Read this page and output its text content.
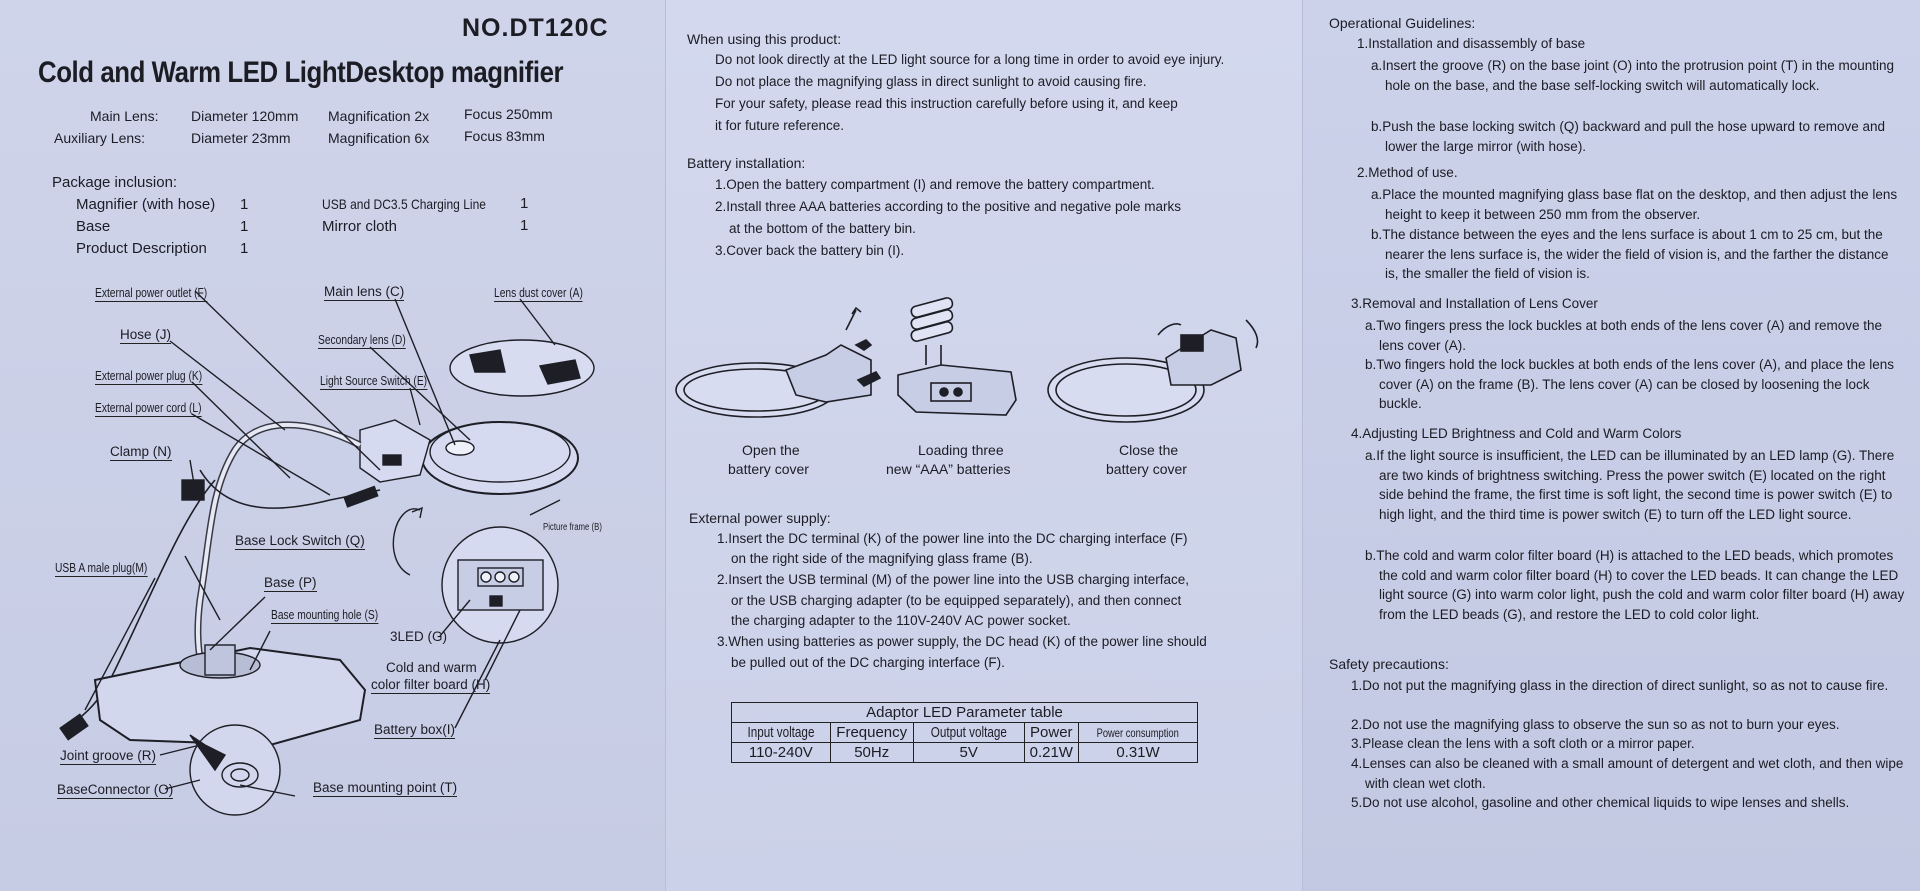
NO.DT120C
Cold and Warm LED LightDesktop magnifier
Main Lens: Diameter 120mm Magnification 2x Focus 250mm
Auxiliary Lens:	Diameter 23mm	Magnification 6x Focus 83mm
Package inclusion:
Magnifier (with hose) 1
Base	1
Product Description 1
USB and DC3.5 Charging Line 1
Mirror cloth	1
External power outlet (F)	Main lens (C)	Lens dust cover (A)
Hose (J)	Secondary lens (D)
External power plug (K)	Light Source Switch (E)
External power cord (L)
Clamp (N)
Picture frame (B)
Base Lock Switch (Q)
USB A male plug(M)
Base (P)
Base mounting hole (S)
3LED (G)
Cold and warm
color filter board (H)
Battery box(I)
Joint groove (R)
BaseConnector (O)	Base mounting point (T)
When using this product:
Do not look directly at the LED light source for a long time in order to avoid eye injury.
Do not place the magnifying glass in direct sunlight to avoid causing fire.
For your safety, please read this instruction carefully before using it, and keep
it for future reference.
Battery installation:
1.Open the battery compartment (I) and remove the battery compartment.
2.Install three AAA batteries according to the positive and negative pole marks
at the bottom of the battery bin.
3.Cover back the battery bin (I).
Open the
battery cover
Loading three
new “AAA” batteries
Close the
battery cover
External power supply:
1.Insert the DC terminal (K) of the power line into the DC charging interface (F)
on the right side of the magnifying glass frame (B).
2.Insert the USB terminal (M) of the power line into the USB charging interface,
or the USB charging adapter (to be equipped separately), and then connect
the charging adapter to the 110V-240V AC power socket.
3.When using batteries as power supply, the DC head (K) of the power line should
be pulled out of the DC charging interface (F).
Adaptor LED Parameter table				
Input voltage	Frequency	Output voltage	Power	Power consumption
110-240V	50Hz	5V	0.21W	0.31W
Operational Guidelines:
1.Installation and disassembly of base
a.Insert the groove (R) on the base joint (O) into the protrusion point (T) in the mounting hole on the base, and the base self-locking switch will automatically lock.
b.Push the base locking switch (Q) backward and pull the hose upward to remove and lower the large mirror (with hose).
2.Method of use.
a.Place the mounted magnifying glass base flat on the desktop, and then adjust the lens height to keep it between 250 mm from the observer.
b.The distance between the eyes and the lens surface is about 1 cm to 25 cm, but the nearer the lens surface is, the wider the field of vision is, and the farther the distance is, the smaller the field of vision is.
3.Removal and Installation of Lens Cover
a.Two fingers press the lock buckles at both ends of the lens cover (A) and remove the lens cover (A).
b.Two fingers hold the lock buckles at both ends of the lens cover (A), and place the lens cover (A) on the frame (B). The lens cover (A) can be closed by loosening the lock buckle.
4.Adjusting LED Brightness and Cold and Warm Colors
a.If the light source is insufficient, the LED can be illuminated by an LED lamp (G). There are two kinds of brightness switching. Press the power switch (E) located on the right side behind the frame, the first time is soft light, the second time is power switch (E) to high light, and the third time is power switch (E) to turn off the LED light source.
b.The cold and warm color filter board (H) is attached to the LED beads, which promotes the cold and warm color filter board (H) to cover the LED beads. It can change the LED light source (G) into warm color light, push the cold and warm color filter board (H) away from the LED beads (G), and restore the LED to cold color light.
Safety precautions:
1.Do not put the magnifying glass in the direction of direct sunlight, so as not to cause fire.
2.Do not use the magnifying glass to observe the sun so as not to burn your eyes.
3.Please clean the lens with a soft cloth or a mirror paper.
4.Lenses can also be cleaned with a small amount of detergent and wet cloth, and then wipe with clean wet cloth.
5.Do not use alcohol, gasoline and other chemical liquids to wipe lenses and shells.
